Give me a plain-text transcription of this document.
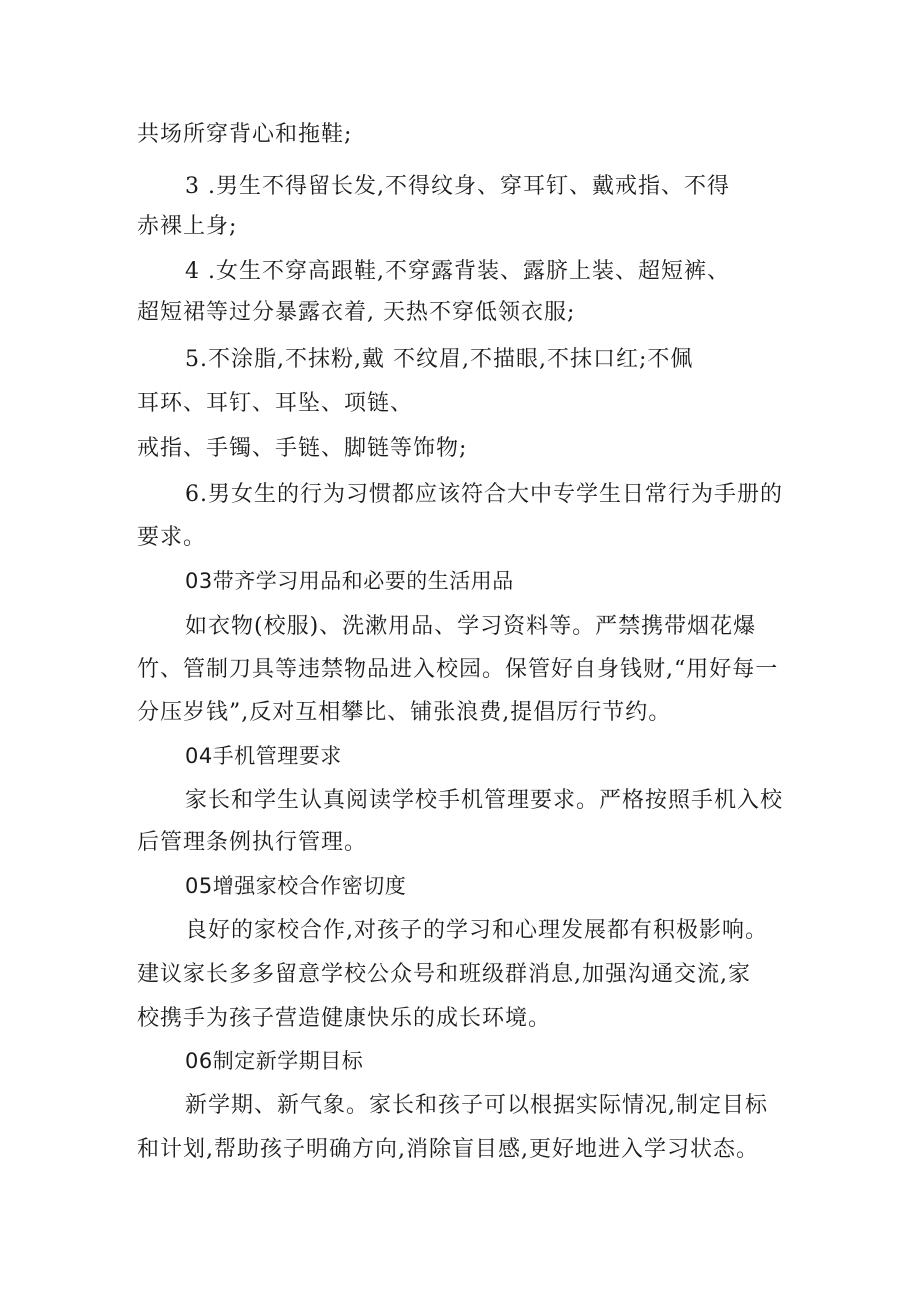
共场所穿背心和拖鞋;
3 .男生不得留长发,不得纹身、穿耳钉、戴戒指、不得
赤裸上身;
4 .女生不穿高跟鞋,不穿露背装、露脐上装、超短裤、
超短裙等过分暴露衣着, 天热不穿低领衣服;
5.不涂脂,不抹粉,戴 不纹眉,不描眼,不抹口红;不佩
耳环、耳钉、耳坠、项链、
戒指、手镯、手链、脚链等饰物;
6.男女生的行为习惯都应该符合大中专学生日常行为手册的
要求。
03带齐学习用品和必要的生活用品
如衣物(校服)、洗漱用品、学习资料等。严禁携带烟花爆
竹、管制刀具等违禁物品进入校园。保管好自身钱财,“用好每一
分压岁钱”,反对互相攀比、铺张浪费,提倡厉行节约。
04手机管理要求
家长和学生认真阅读学校手机管理要求。严格按照手机入校
后管理条例执行管理。
05增强家校合作密切度
良好的家校合作,对孩子的学习和心理发展都有积极影响。
建议家长多多留意学校公众号和班级群消息,加强沟通交流,家
校携手为孩子营造健康快乐的成长环境。
06制定新学期目标
新学期、新气象。家长和孩子可以根据实际情况,制定目标
和计划,帮助孩子明确方向,消除盲目感,更好地进入学习状态。
